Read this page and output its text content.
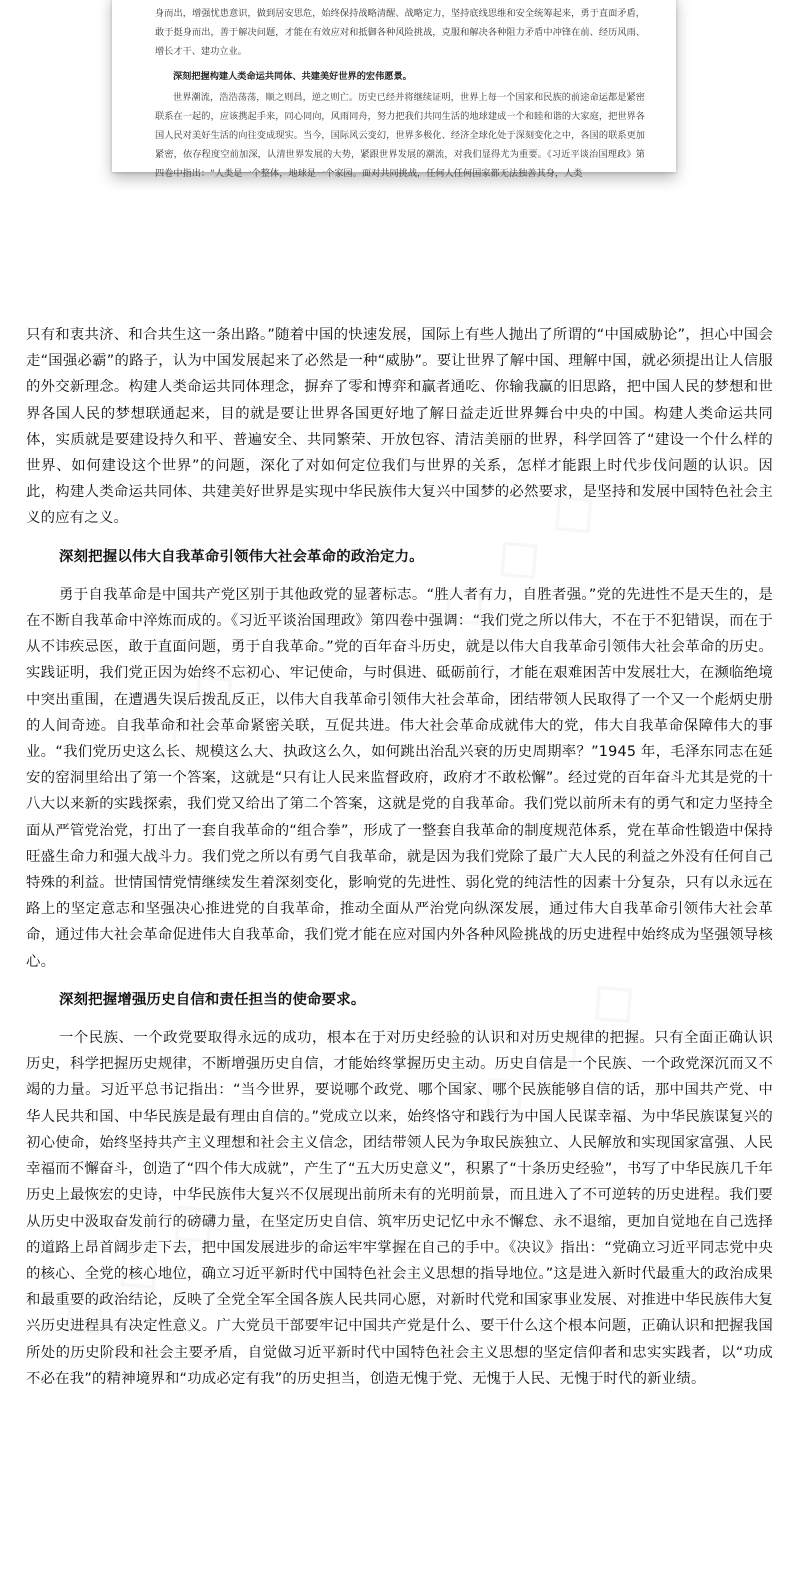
身而出，增强忧患意识，做到居安思危，始终保持战略清醒、战略定力，坚持底线思维和安全统筹起来，勇于直面矛盾，敢于挺身而出，善于解决问题，才能在有效应对和抵御各种风险挑战，克服和解决各种阻力矛盾中冲锋在前、经历风雨、增长才干、建功立业。

深刻把握构建人类命运共同体、共建美好世界的宏伟愿景。

世界潮流，浩浩荡荡，顺之则昌，逆之则亡。历史已经并将继续证明，世界上每一个国家和民族的前途命运都是紧密联系在一起的，应该携起手来，同心同向，风雨同舟，努力把我们共同生活的地球建成一个和睦和谐的大家庭，把世界各国人民对美好生活的向往变成现实。当今，国际风云变幻，世界多极化、经济全球化处于深刻变化之中，各国的联系更加紧密，依存程度空前加深，认清世界发展的大势，紧跟世界发展的潮流，对我们显得尤为重要。《习近平谈治国理政》第四卷中指出：“人类是一个整体，地球是一个家园。面对共同挑战，任何人任何国家都无法独善其身，人类

◇ ◇ ◇
◇ ◇ ◇
◇ ◇ ◇
◇ ◇ ◇

只有和衷共济、和合共生这一条出路。”随着中国的快速发展，国际上有些人抛出了所谓的“中国威胁论”，担心中国会走“国强必霸”的路子，认为中国发展起来了必然是一种“威胁”。要让世界了解中国、理解中国，就必须提出让人信服的外交新理念。构建人类命运共同体理念，摒弃了零和博弈和赢者通吃、你输我赢的旧思路，把中国人民的梦想和世界各国人民的梦想联通起来，目的就是要让世界各国更好地了解日益走近世界舞台中央的中国。构建人类命运共同体，实质就是要建设持久和平、普遍安全、共同繁荣、开放包容、清洁美丽的世界，科学回答了“建设一个什么样的世界、如何建设这个世界”的问题，深化了对如何定位我们与世界的关系，怎样才能跟上时代步伐问题的认识。因此，构建人类命运共同体、共建美好世界是实现中华民族伟大复兴中国梦的必然要求，是坚持和发展中国特色社会主义的应有之义。

深刻把握以伟大自我革命引领伟大社会革命的政治定力。

勇于自我革命是中国共产党区别于其他政党的显著标志。“胜人者有力，自胜者强。”党的先进性不是天生的，是在不断自我革命中淬炼而成的。《习近平谈治国理政》第四卷中强调：“我们党之所以伟大，不在于不犯错误，而在于从不讳疾忌医，敢于直面问题，勇于自我革命。”党的百年奋斗历史，就是以伟大自我革命引领伟大社会革命的历史。实践证明，我们党正因为始终不忘初心、牢记使命，与时俱进、砥砺前行，才能在艰难困苦中发展壮大，在濒临绝境中突出重围，在遭遇失误后拨乱反正，以伟大自我革命引领伟大社会革命，团结带领人民取得了一个又一个彪炳史册的人间奇迹。自我革命和社会革命紧密关联，互促共进。伟大社会革命成就伟大的党，伟大自我革命保障伟大的事业。“我们党历史这么长、规模这么大、执政这么久，如何跳出治乱兴衰的历史周期率？”1945 年，毛泽东同志在延安的窑洞里给出了第一个答案，这就是“只有让人民来监督政府，政府才不敢松懈”。经过党的百年奋斗尤其是党的十八大以来新的实践探索，我们党又给出了第二个答案，这就是党的自我革命。我们党以前所未有的勇气和定力坚持全面从严管党治党，打出了一套自我革命的“组合拳”，形成了一整套自我革命的制度规范体系，党在革命性锻造中保持旺盛生命力和强大战斗力。我们党之所以有勇气自我革命，就是因为我们党除了最广大人民的利益之外没有任何自己特殊的利益。世情国情党情继续发生着深刻变化，影响党的先进性、弱化党的纯洁性的因素十分复杂，只有以永远在路上的坚定意志和坚强决心推进党的自我革命，推动全面从严治党向纵深发展，通过伟大自我革命引领伟大社会革命，通过伟大社会革命促进伟大自我革命，我们党才能在应对国内外各种风险挑战的历史进程中始终成为坚强领导核心。

深刻把握增强历史自信和责任担当的使命要求。

一个民族、一个政党要取得永远的成功，根本在于对历史经验的认识和对历史规律的把握。只有全面正确认识历史，科学把握历史规律，不断增强历史自信，才能始终掌握历史主动。历史自信是一个民族、一个政党深沉而又不竭的力量。习近平总书记指出：“当今世界，要说哪个政党、哪个国家、哪个民族能够自信的话，那中国共产党、中华人民共和国、中华民族是最有理由自信的。”党成立以来，始终恪守和践行为中国人民谋幸福、为中华民族谋复兴的初心使命，始终坚持共产主义理想和社会主义信念，团结带领人民为争取民族独立、人民解放和实现国家富强、人民幸福而不懈奋斗，创造了“四个伟大成就”，产生了“五大历史意义”，积累了“十条历史经验”，书写了中华民族几千年历史上最恢宏的史诗，中华民族伟大复兴不仅展现出前所未有的光明前景，而且进入了不可逆转的历史进程。我们要从历史中汲取奋发前行的磅礴力量，在坚定历史自信、筑牢历史记忆中永不懈怠、永不退缩，更加自觉地在自己选择的道路上昂首阔步走下去，把中国发展进步的命运牢牢掌握在自己的手中。《决议》指出：“党确立习近平同志党中央的核心、全党的核心地位，确立习近平新时代中国特色社会主义思想的指导地位。”这是进入新时代最重大的政治成果和最重要的政治结论，反映了全党全军全国各族人民共同心愿，对新时代党和国家事业发展、对推进中华民族伟大复兴历史进程具有决定性意义。广大党员干部要牢记中国共产党是什么、要干什么这个根本问题，正确认识和把握我国所处的历史阶段和社会主要矛盾，自觉做习近平新时代中国特色社会主义思想的坚定信仰者和忠实实践者，以“功成不必在我”的精神境界和“功成必定有我”的历史担当，创造无愧于党、无愧于人民、无愧于时代的新业绩。
